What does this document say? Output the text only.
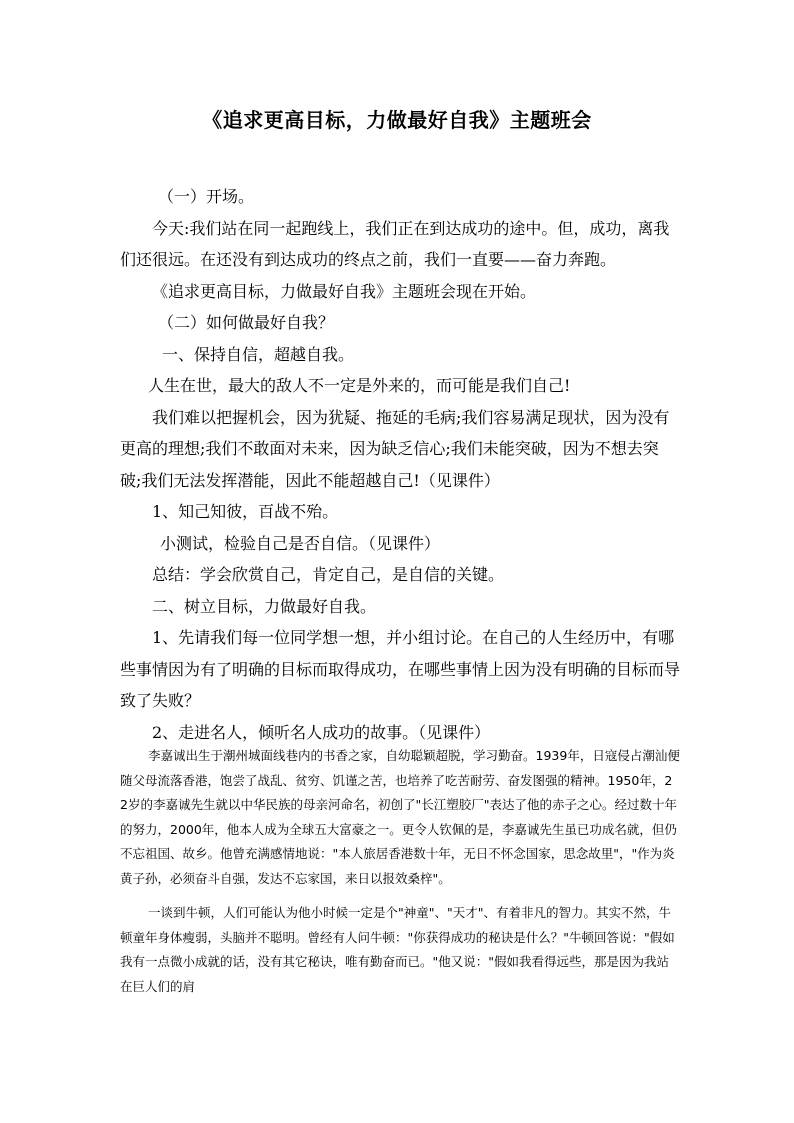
《追求更高目标，力做最好自我》主题班会

（一）开场。

今天:我们站在同一起跑线上，我们正在到达成功的途中。但，成功，离我们还很远。在还没有到达成功的终点之前，我们一直要——奋力奔跑。

《追求更高目标，力做最好自我》主题班会现在开始。

（二）如何做最好自我？

一、保持自信，超越自我。

人生在世，最大的敌人不一定是外来的，而可能是我们自己!

我们难以把握机会，因为犹疑、拖延的毛病;我们容易满足现状，因为没有更高的理想;我们不敢面对未来，因为缺乏信心;我们未能突破，因为不想去突破;我们无法发挥潜能，因此不能超越自己!（见课件）

1、知己知彼，百战不殆。

小测试，检验自己是否自信。（见课件）

总结：学会欣赏自己，肯定自己，是自信的关键。

二、树立目标，力做最好自我。

1、先请我们每一位同学想一想，并小组讨论。在自己的人生经历中，有哪些事情因为有了明确的目标而取得成功，在哪些事情上因为没有明确的目标而导致了失败？

2、走进名人，倾听名人成功的故事。（见课件）

李嘉诚出生于潮州城面线巷内的书香之家，自幼聪颖超脱，学习勤奋。1939年，日寇侵占潮汕便随父母流落香港，饱尝了战乱、贫穷、饥谨之苦，也培养了吃苦耐劳、奋发图强的精神。1950年，22岁的李嘉诚先生就以中华民族的母亲河命名，初创了"长江塑胶厂"表达了他的赤子之心。经过数十年的努力，2000年，他本人成为全球五大富豪之一。更令人钦佩的是，李嘉诚先生虽已功成名就，但仍不忘祖国、故乡。他曾充满感情地说："本人旅居香港数十年，无日不怀念国家，思念故里"，"作为炎黄子孙，必须奋斗自强，发达不忘家国，来日以报效桑梓"。

一谈到牛顿，人们可能认为他小时候一定是个"神童"、"天才"、有着非凡的智力。其实不然，牛顿童年身体瘦弱，头脑并不聪明。曾经有人问牛顿："你获得成功的秘诀是什么？"牛顿回答说："假如我有一点微小成就的话，没有其它秘诀，唯有勤奋而已。"他又说："假如我看得远些，那是因为我站在巨人们的肩
